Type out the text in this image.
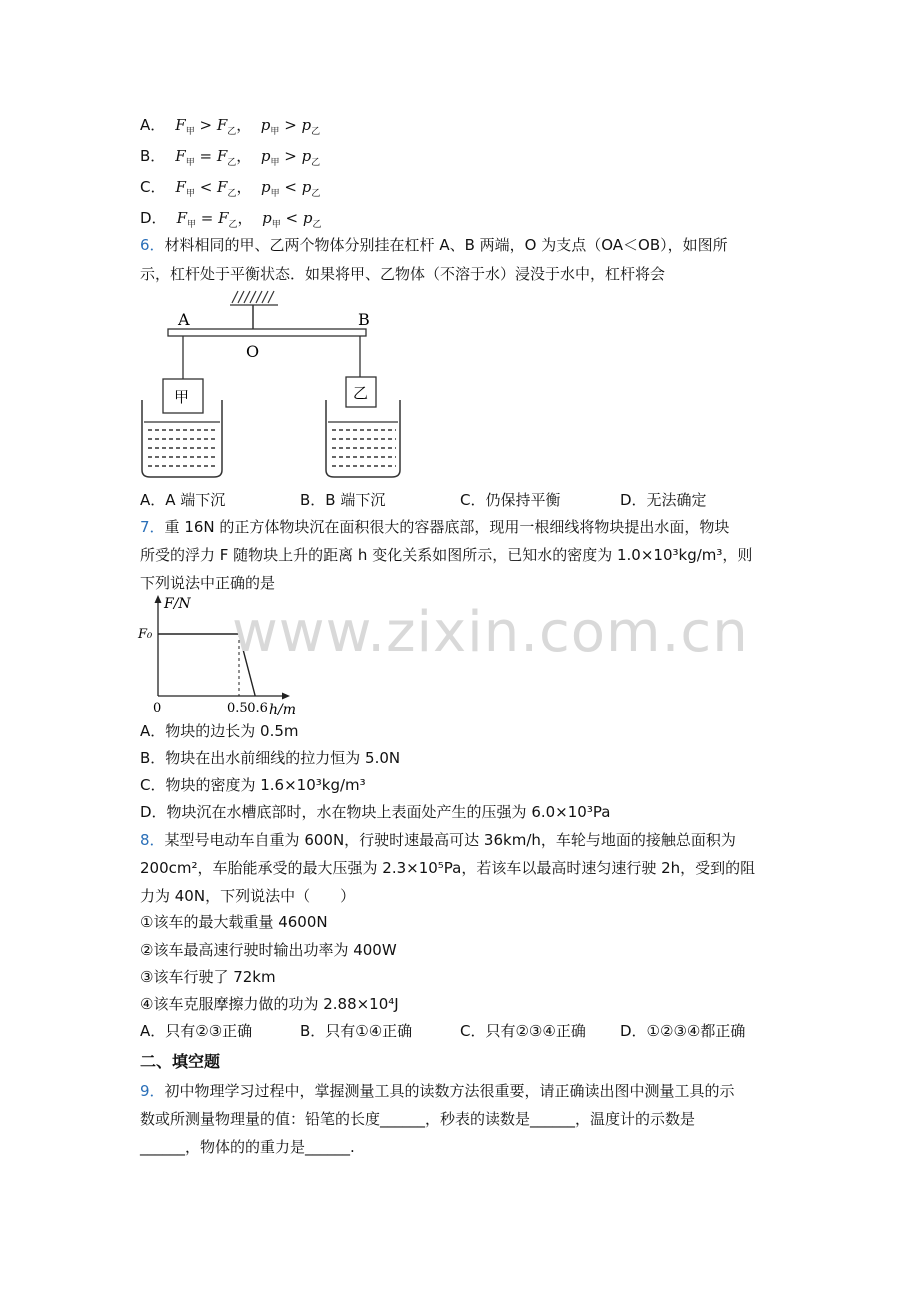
A． $F_甲 > F_乙$，  $p_甲 > p_乙$
B． $F_甲 = F_乙$，  $p_甲 > p_乙$
C． $F_甲 < F_乙$，  $p_甲 < p_乙$
D． $F_甲 = F_乙$，  $p_甲 < p_乙$
6．材料相同的甲、乙两个物体分别挂在杠杆 A、B 两端，O 为支点（OA＜OB），如图所
示，杠杆处于平衡状态．如果将甲、乙物体（不溶于水）浸没于水中，杠杆将会
A	B
O
甲	乙
A．A 端下沉	B．B 端下沉	C．仍保持平衡	D．无法确定
7．重 16N 的正方体物块沉在面积很大的容器底部，现用一根细线将物块提出水面，物块
所受的浮力 F 随物块上升的距离 h 变化关系如图所示，已知水的密度为 1.0×10³kg/m³，则
下列说法中正确的是
F/N
h/m
0
F₀
0.5 0.6
A．物块的边长为 0.5m
B．物块在出水前细线的拉力恒为 5.0N
C．物块的密度为 1.6×10³kg/m³
D．物块沉在水槽底部时，水在物块上表面处产生的压强为 6.0×10³Pa
8．某型号电动车自重为 600N，行驶时速最高可达 36km/h，车轮与地面的接触总面积为
200cm²，车胎能承受的最大压强为 2.3×10⁵Pa，若该车以最高时速匀速行驶 2h，受到的阻
力为 40N，下列说法中（　　）
①该车的最大载重量 4600N
②该车最高速行驶时输出功率为 400W
③该车行驶了 72km
④该车克服摩擦力做的功为 2.88×10⁴J
A．只有②③正确	B．只有①④正确	C．只有②③④正确 D．①②③④都正确
二、填空题
9．初中物理学习过程中，掌握测量工具的读数方法很重要，请正确读出图中测量工具的示
数或所测量物理量的值：铅笔的长度______，秒表的读数是______，温度计的示数是
______，物体的的重力是______.
www.zixin.com.cn
